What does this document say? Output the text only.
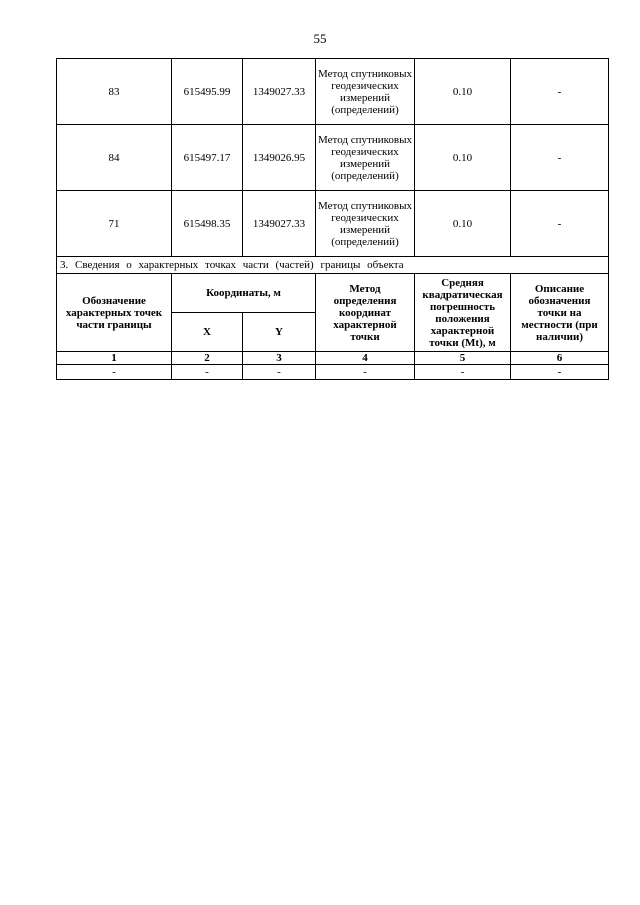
55
83	615495.99	1349027.33	Метод спутниковых геодезических измерений (определений)	0.10	-
84	615497.17	1349026.95	Метод спутниковых геодезических измерений (определений)	0.10	-
71	615498.35	1349027.33	Метод спутниковых геодезических измерений (определений)	0.10	-
3. Сведения о характерных точках части (частей) границы объекта					
Обозначение характерных точек части границы	Координаты, м		Метод определения координат характерной точки	Средняя квадратическая погрешность положения характерной точки (Mt), м	Описание обозначения точки на местности (при наличии)
	X	Y			
1	2	3	4	5	6
-	-	-	-	-	-
